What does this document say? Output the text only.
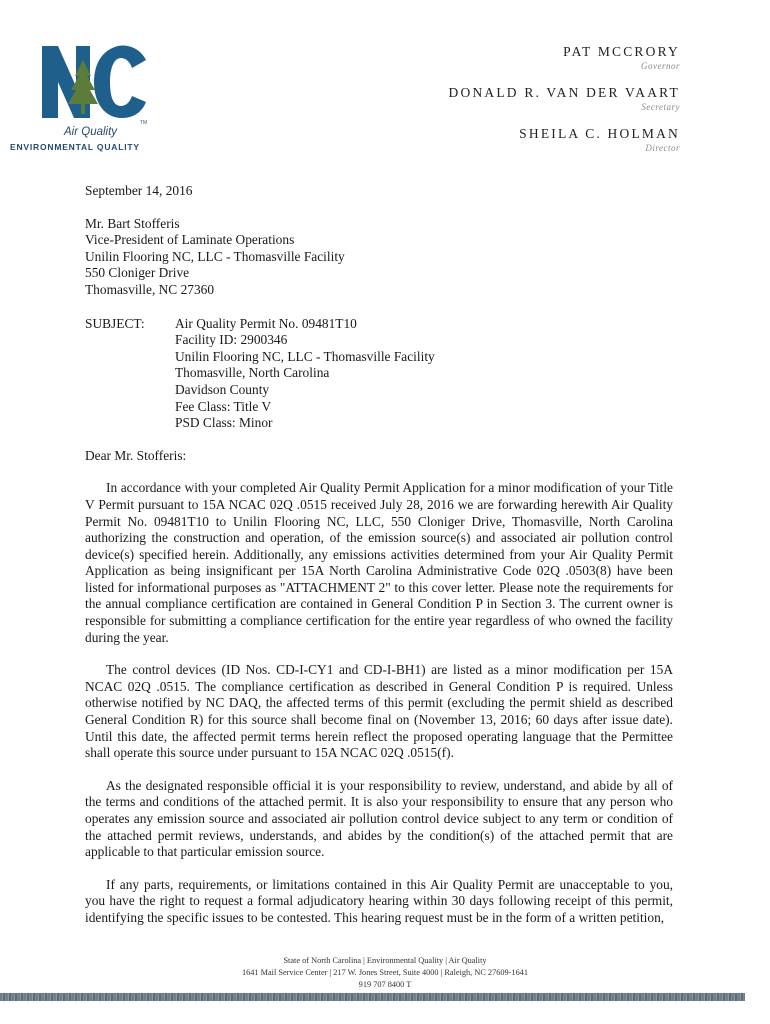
TM
Air Quality
ENVIRONMENTAL QUALITY
PAT MCCRORY
Governor
DONALD R. VAN DER VAART
Secretary
SHEILA C. HOLMAN
Director
September 14, 2016
Mr. Bart Stofferis
Vice-President of Laminate Operations
Unilin Flooring NC, LLC - Thomasville Facility
550 Cloniger Drive
Thomasville, NC 27360
SUBJECT:	Air Quality Permit No. 09481T10
Facility ID: 2900346
Unilin Flooring NC, LLC - Thomasville Facility
Thomasville, North Carolina
Davidson County
Fee Class: Title V
PSD Class: Minor
Dear Mr. Stofferis:

In accordance with your completed Air Quality Permit Application for a minor modification of your Title V Permit pursuant to 15A NCAC 02Q .0515 received July 28, 2016 we are forwarding herewith Air Quality Permit No. 09481T10 to Unilin Flooring NC, LLC, 550 Cloniger Drive, Thomasville, North Carolina authorizing the construction and operation, of the emission source(s) and associated air pollution control device(s) specified herein. Additionally, any emissions activities determined from your Air Quality Permit Application as being insignificant per 15A North Carolina Administrative Code 02Q .0503(8) have been listed for informational purposes as "ATTACHMENT 2" to this cover letter. Please note the requirements for the annual compliance certification are contained in General Condition P in Section 3. The current owner is responsible for submitting a compliance certification for the entire year regardless of who owned the facility during the year.

The control devices (ID Nos. CD-I-CY1 and CD-I-BH1) are listed as a minor modification per 15A NCAC 02Q .0515. The compliance certification as described in General Condition P is required. Unless otherwise notified by NC DAQ, the affected terms of this permit (excluding the permit shield as described General Condition R) for this source shall become final on (November 13, 2016; 60 days after issue date). Until this date, the affected permit terms herein reflect the proposed operating language that the Permittee shall operate this source under pursuant to 15A NCAC 02Q .0515(f).

As the designated responsible official it is your responsibility to review, understand, and abide by all of the terms and conditions of the attached permit. It is also your responsibility to ensure that any person who operates any emission source and associated air pollution control device subject to any term or condition of the attached permit reviews, understands, and abides by the condition(s) of the attached permit that are applicable to that particular emission source.

If any parts, requirements, or limitations contained in this Air Quality Permit are unacceptable to you, you have the right to request a formal adjudicatory hearing within 30 days following receipt of this permit, identifying the specific issues to be contested. This hearing request must be in the form of a written petition,

State of North Carolina | Environmental Quality | Air Quality
1641 Mail Service Center | 217 W. Jones Street, Suite 4000 | Raleigh, NC 27609-1641
919 707 8400 T
